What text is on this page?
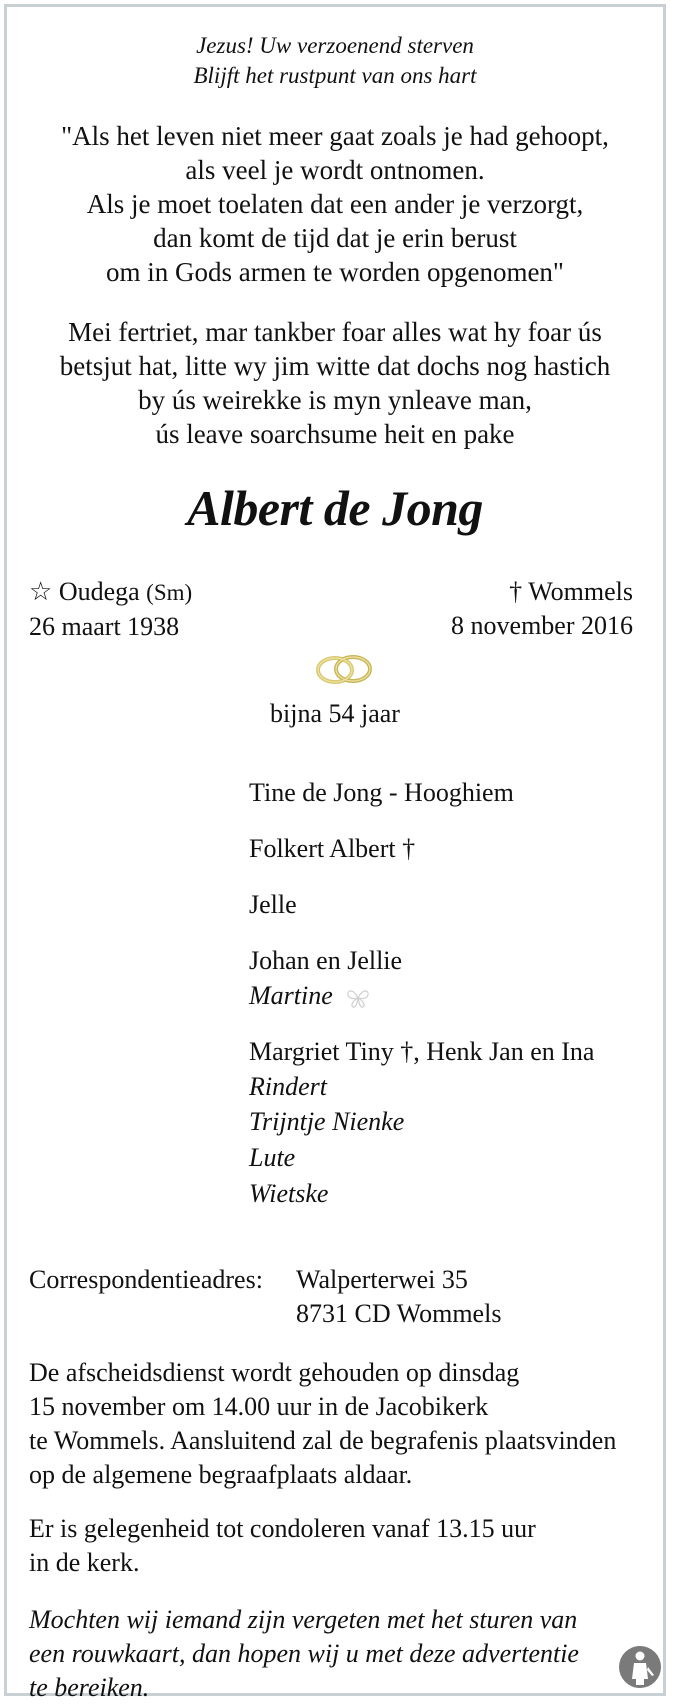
Jezus! Uw verzoenend sterven
Blijft het rustpunt van ons hart
"Als het leven niet meer gaat zoals je had gehoopt,
als veel je wordt ontnomen.
Als je moet toelaten dat een ander je verzorgt,
dan komt de tijd dat je erin berust
om in Gods armen te worden opgenomen"
Mei fertriet, mar tankber foar alles wat hy foar ús
betsjut hat, litte wy jim witte dat dochs nog hastich
by ús weirekke is myn ynleave man,
ús leave soarchsume heit en pake
Albert de Jong
☆ Oudega (Sm)
26 maart 1938
† Wommels
8 november 2016
bijna 54 jaar
Tine de Jong - Hooghiem
Folkert Albert †
Jelle
Johan en Jellie
Martine
Margriet Tiny †, Henk Jan en Ina
Rindert
Trijntje Nienke
Lute
Wietske
Correspondentieadres: Walperterwei 35
8731 CD Wommels
De afscheidsdienst wordt gehouden op dinsdag
15 november om 14.00 uur in de Jacobikerk
te Wommels. Aansluitend zal de begrafenis plaatsvinden
op de algemene begraafplaats aldaar.
Er is gelegenheid tot condoleren vanaf 13.15 uur
in de kerk.
Mochten wij iemand zijn vergeten met het sturen van
een rouwkaart, dan hopen wij u met deze advertentie
te bereiken.
